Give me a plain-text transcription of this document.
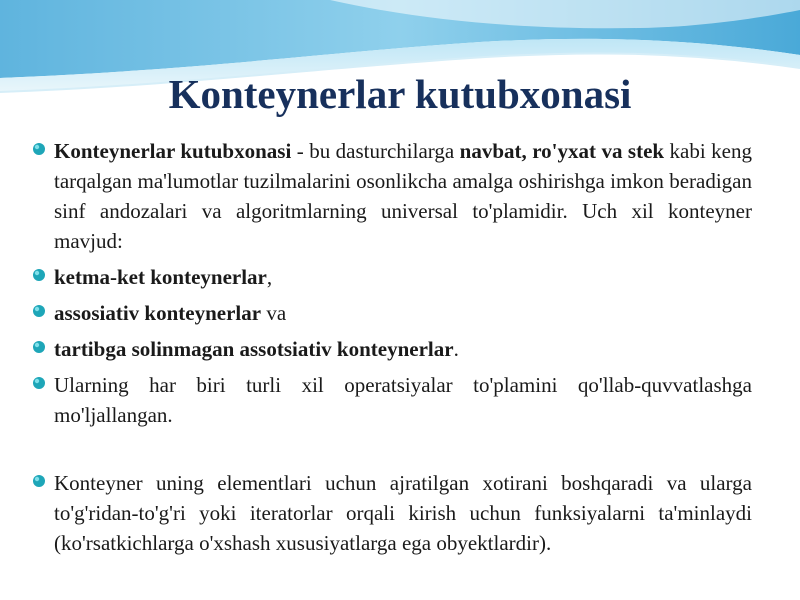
Konteynerlar kutubxonasi
Konteynerlar kutubxonasi - bu dasturchilarga navbat, ro'yxat va stek kabi keng tarqalgan ma'lumotlar tuzilmalarini osonlikcha amalga oshirishga imkon beradigan sinf andozalari va algoritmlarning universal to'plamidir. Uch xil konteyner mavjud:
ketma-ket konteynerlar,
assosiativ konteynerlar va
tartibga solinmagan assotsiativ konteynerlar.
Ularning har biri turli xil operatsiyalar to'plamini qo'llab-quvvatlashga mo'ljallangan.
Konteyner uning elementlari uchun ajratilgan xotirani boshqaradi va ularga to'g'ridan-to'g'ri yoki iteratorlar orqali kirish uchun funksiyalarni ta'minlaydi (ko'rsatkichlarga o'xshash xususiyatlarga ega obyektlardir).
